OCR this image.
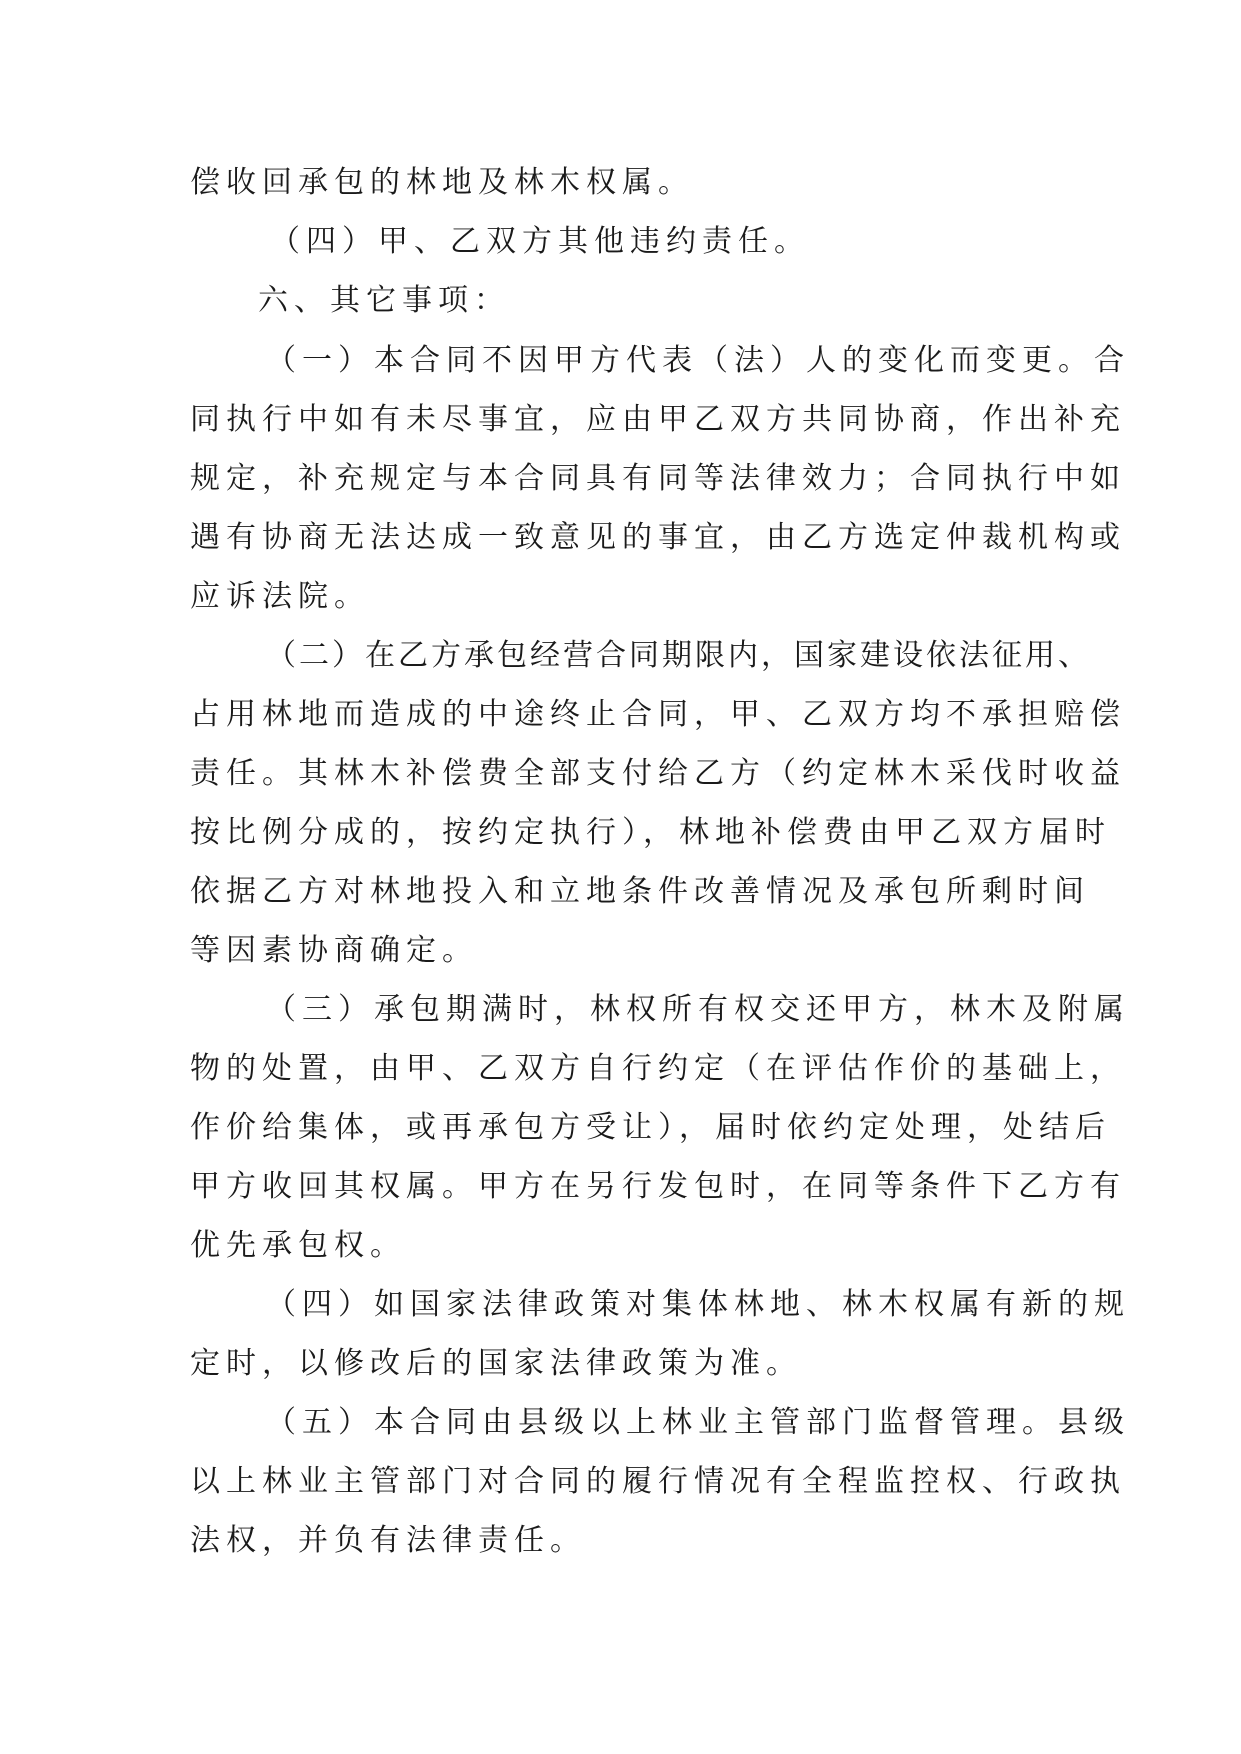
偿收回承包的林地及林木权属。
（四）甲、乙双方其他违约责任。
六、其它事项：
（一）本合同不因甲方代表（法）人的变化而变更。合
同执行中如有未尽事宜，应由甲乙双方共同协商，作出补充
规定，补充规定与本合同具有同等法律效力；合同执行中如
遇有协商无法达成一致意见的事宜，由乙方选定仲裁机构或
应诉法院。
（二）在乙方承包经营合同期限内，国家建设依法征用、
占用林地而造成的中途终止合同，甲、乙双方均不承担赔偿
责任。其林木补偿费全部支付给乙方（约定林木采伐时收益
按比例分成的，按约定执行），林地补偿费由甲乙双方届时
依据乙方对林地投入和立地条件改善情况及承包所剩时间
等因素协商确定。
（三）承包期满时，林权所有权交还甲方，林木及附属
物的处置，由甲、乙双方自行约定（在评估作价的基础上，
作价给集体，或再承包方受让），届时依约定处理，处结后
甲方收回其权属。甲方在另行发包时，在同等条件下乙方有
优先承包权。
（四）如国家法律政策对集体林地、林木权属有新的规
定时，以修改后的国家法律政策为准。
（五）本合同由县级以上林业主管部门监督管理。县级
以上林业主管部门对合同的履行情况有全程监控权、行政执
法权，并负有法律责任。
